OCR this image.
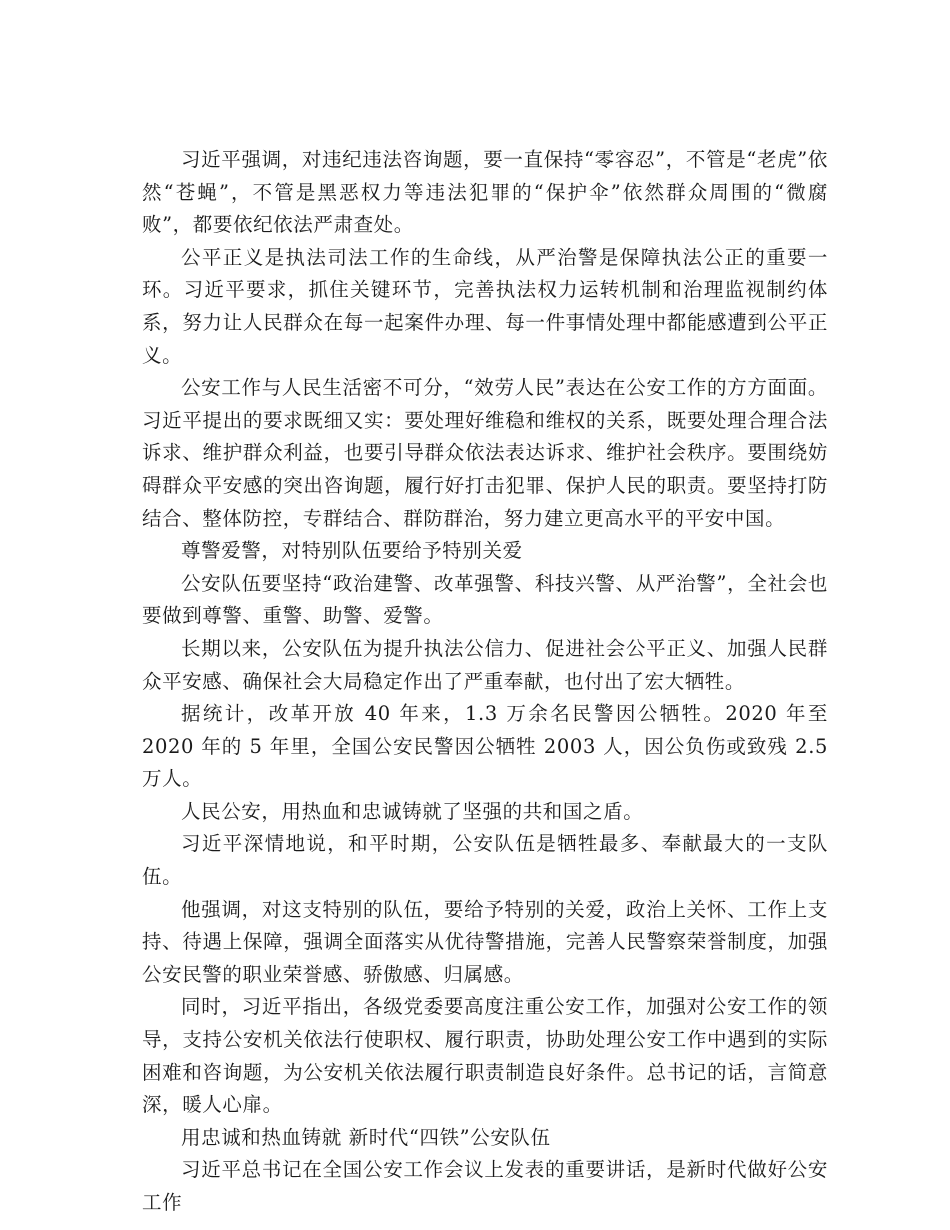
习近平强调，对违纪违法咨询题，要一直保持“零容忍”，不管是“老虎”依然“苍蝇”，不管是黑恶权力等违法犯罪的“保护伞”依然群众周围的“微腐败”，都要依纪依法严肃查处。

公平正义是执法司法工作的生命线，从严治警是保障执法公正的重要一环。习近平要求，抓住关键环节，完善执法权力运转机制和治理监视制约体系，努力让人民群众在每一起案件办理、每一件事情处理中都能感遭到公平正义。

公安工作与人民生活密不可分，“效劳人民”表达在公安工作的方方面面。习近平提出的要求既细又实：要处理好维稳和维权的关系，既要处理合理合法诉求、维护群众利益，也要引导群众依法表达诉求、维护社会秩序。要围绕妨碍群众平安感的突出咨询题，履行好打击犯罪、保护人民的职责。要坚持打防结合、整体防控，专群结合、群防群治，努力建立更高水平的平安中国。

尊警爱警，对特别队伍要给予特别关爱

公安队伍要坚持“政治建警、改革强警、科技兴警、从严治警”，全社会也要做到尊警、重警、助警、爱警。

长期以来，公安队伍为提升执法公信力、促进社会公平正义、加强人民群众平安感、确保社会大局稳定作出了严重奉献，也付出了宏大牺牲。

据统计，改革开放 40 年来，1.3 万余名民警因公牺牲。2020 年至 2020 年的 5 年里，全国公安民警因公牺牲 2003 人，因公负伤或致残 2.5 万人。

人民公安，用热血和忠诚铸就了坚强的共和国之盾。

习近平深情地说，和平时期，公安队伍是牺牲最多、奉献最大的一支队伍。

他强调，对这支特别的队伍，要给予特别的关爱，政治上关怀、工作上支持、待遇上保障，强调全面落实从优待警措施，完善人民警察荣誉制度，加强公安民警的职业荣誉感、骄傲感、归属感。

同时，习近平指出，各级党委要高度注重公安工作，加强对公安工作的领导，支持公安机关依法行使职权、履行职责，协助处理公安工作中遇到的实际困难和咨询题，为公安机关依法履行职责制造良好条件。总书记的话，言简意深，暖人心扉。

用忠诚和热血铸就 新时代“四铁”公安队伍

习近平总书记在全国公安工作会议上发表的重要讲话，是新时代做好公安工作
